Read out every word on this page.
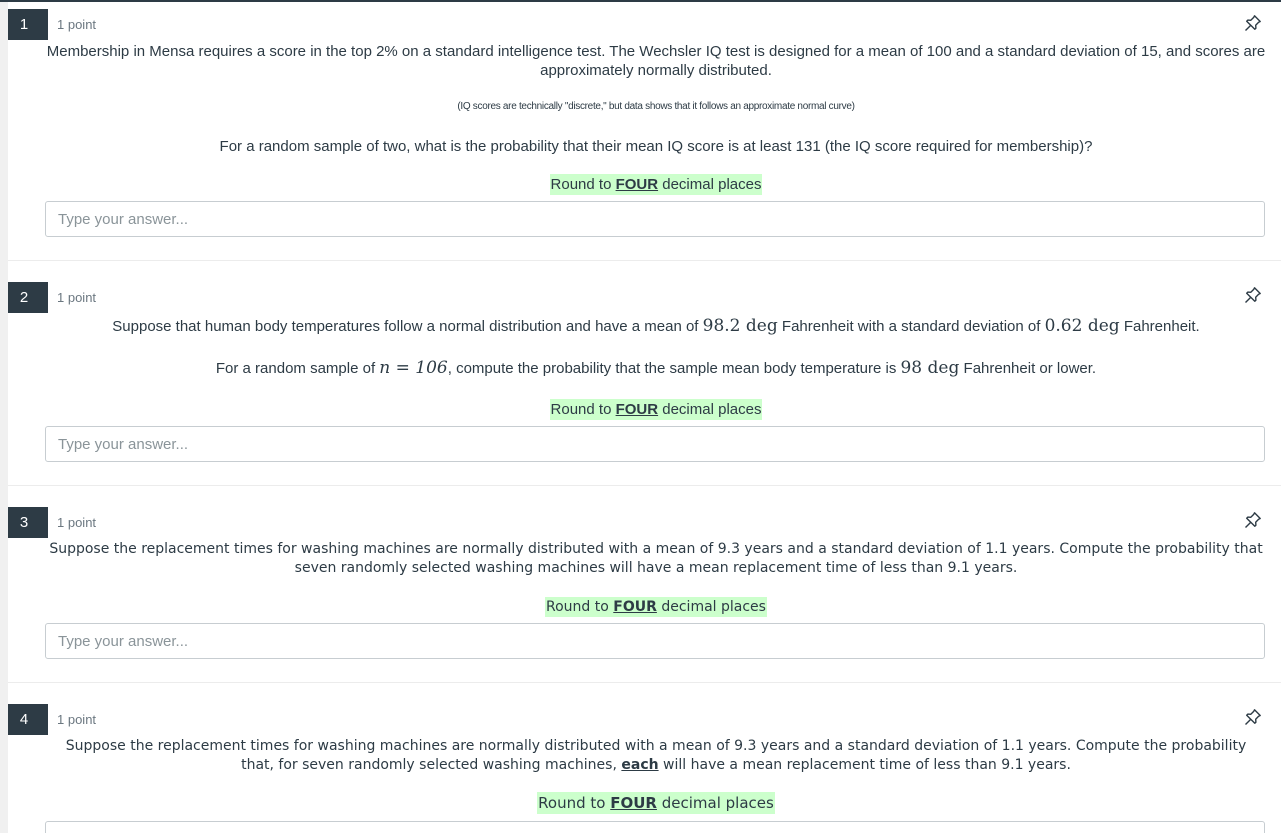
1	1 point
Membership in Mensa requires a score in the top 2% on a standard intelligence test. The Wechsler IQ test is designed for a mean of 100 and a standard deviation of 15, and scores are approximately normally distributed.
(IQ scores are technically "discrete," but data shows that it follows an approximate normal curve)
For a random sample of two, what is the probability that their mean IQ score is at least 131 (the IQ score required for membership)?
Round to FOUR decimal places
Type your answer...
2	1 point
Suppose that human body temperatures follow a normal distribution and have a mean of 98.2 deg Fahrenheit with a standard deviation of 0.62 deg Fahrenheit.
For a random sample of n = 106, compute the probability that the sample mean body temperature is 98 deg Fahrenheit or lower.
Round to FOUR decimal places
Type your answer...
3	1 point
Suppose the replacement times for washing machines are normally distributed with a mean of 9.3 years and a standard deviation of 1.1 years. Compute the probability that seven randomly selected washing machines will have a mean replacement time of less than 9.1 years.
Round to FOUR decimal places
Type your answer...
4	1 point
Suppose the replacement times for washing machines are normally distributed with a mean of 9.3 years and a standard deviation of 1.1 years. Compute the probability that, for seven randomly selected washing machines, each will have a mean replacement time of less than 9.1 years.
Round to FOUR decimal places
